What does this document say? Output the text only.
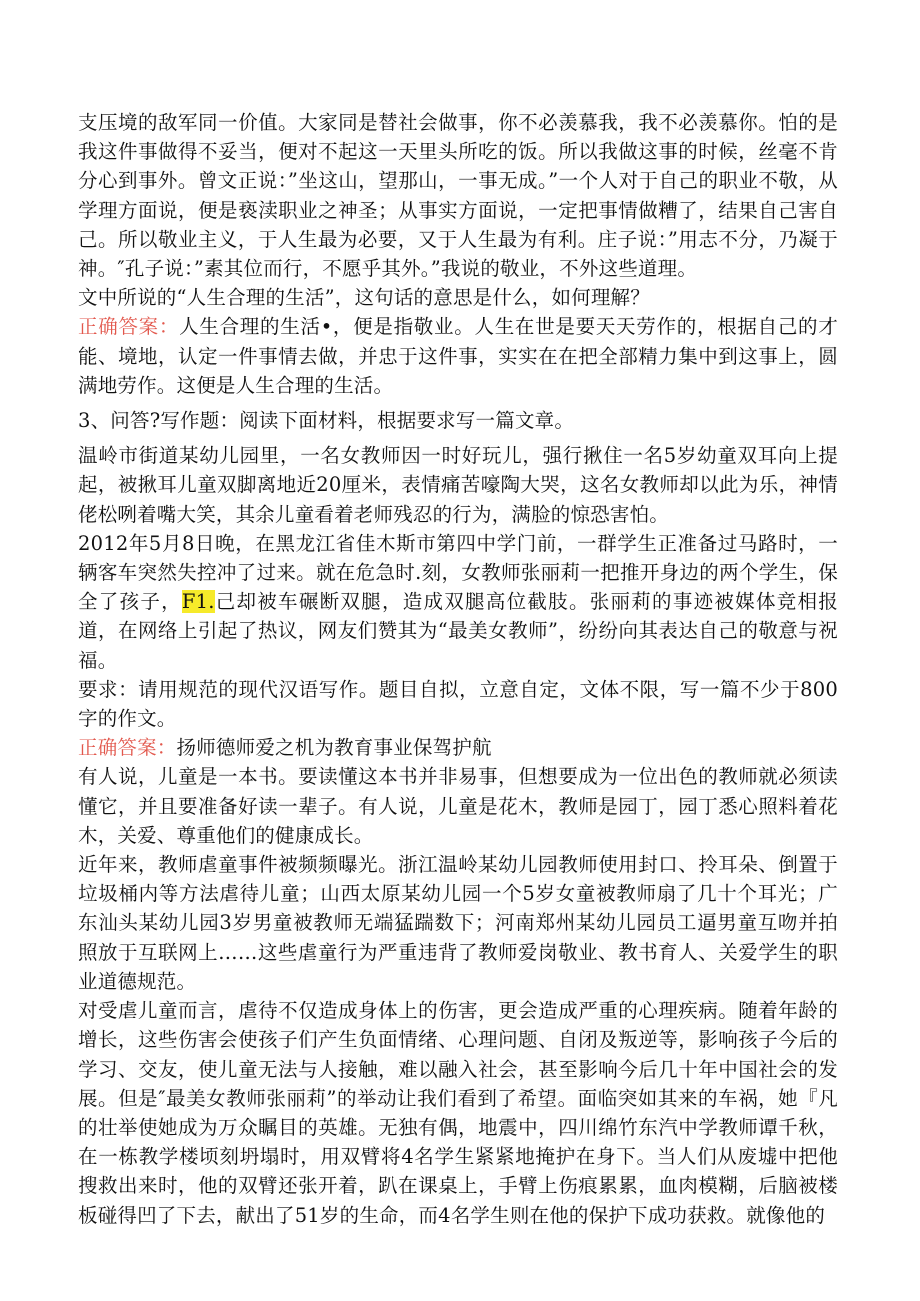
支压境的敌军同一价值。大家同是替社会做事，你不必羡慕我，我不必羡慕你。怕的是我这件事做得不妥当，便对不起这一天里头所吃的饭。所以我做这事的时候，丝毫不肯分心到事外。曾文正说：”坐这山，望那山，一事无成。”一个人对于自己的职业不敬，从学理方面说，便是亵渎职业之神圣；从事实方面说，一定把事情做糟了，结果自己害自己。所以敬业主义，于人生最为必要，又于人生最为有利。庄子说：”用志不分，乃凝于神。″孔子说：”素其位而行，不愿乎其外。”我说的敬业，不外这些道理。

文中所说的“人生合理的生活”，这句话的意思是什么，如何理解？

正确答案：人生合理的生活•，便是指敬业。人生在世是要天天劳作的，根据自己的才能、境地，认定一件事情去做，并忠于这件事，实实在在把全部精力集中到这事上，圆满地劳作。这便是人生合理的生活。

3、问答?写作题：阅读下面材料，根据要求写一篇文章。

温岭市街道某幼儿园里，一名女教师因一时好玩儿，强行揪住一名5岁幼童双耳向上提起，被揪耳儿童双脚离地近20厘米，表情痛苦嚎陶大哭，这名女教师却以此为乐，神情佬松咧着嘴大笑，其余儿童看着老师残忍的行为，满脸的惊恐害怕。

2012年5月8日晚，在黑龙江省佳木斯市第四中学门前，一群学生正准备过马路时，一辆客车突然失控冲了过来。就在危急时.刻，女教师张丽莉一把推开身边的两个学生，保全了孩子，F1.己却被车碾断双腿，造成双腿高位截肢。张丽莉的事迹被媒体竞相报道，在网络上引起了热议，网友们赞其为“最美女教师”，纷纷向其表达自己的敬意与祝福。

要求：请用规范的现代汉语写作。题目自拟，立意自定，文体不限，写一篇不少于800字的作文。

正确答案：扬师德师爱之机为教育事业保驾护航

有人说，儿童是一本书。要读懂这本书并非易事，但想要成为一位出色的教师就必须读懂它，并且要准备好读一辈子。有人说，儿童是花木，教师是园丁，园丁悉心照料着花木，关爱、尊重他们的健康成长。

近年来，教师虐童事件被频频曝光。浙江温岭某幼儿园教师使用封口、拎耳朵、倒置于垃圾桶内等方法虐待儿童；山西太原某幼儿园一个5岁女童被教师扇了几十个耳光；广东汕头某幼儿园3岁男童被教师无端猛踹数下；河南郑州某幼儿园员工逼男童互吻并拍照放于互联网上……这些虐童行为严重违背了教师爱岗敬业、教书育人、关爱学生的职业道德规范。

对受虐儿童而言，虐待不仅造成身体上的伤害，更会造成严重的心理疾病。随着年龄的增长，这些伤害会使孩子们产生负面情绪、心理问题、自闭及叛逆等，影响孩子今后的学习、交友，使儿童无法与人接触，难以融入社会，甚至影响今后几十年中国社会的发展。但是″最美女教师张丽莉”的举动让我们看到了希望。面临突如其来的车祸，她『凡的壮举使她成为万众瞩目的英雄。无独有偶，地震中，四川绵竹东汽中学教师谭千秋，在一栋教学楼顷刻坍塌时，用双臂将4名学生紧紧地掩护在身下。当人们从废墟中把他搜救出来时，他的双臂还张开着，趴在课桌上，手臂上伤痕累累，血肉模糊，后脑被楼板碰得凹了下去，献出了51岁的生命，而4名学生则在他的保护下成功获救。就像他的
